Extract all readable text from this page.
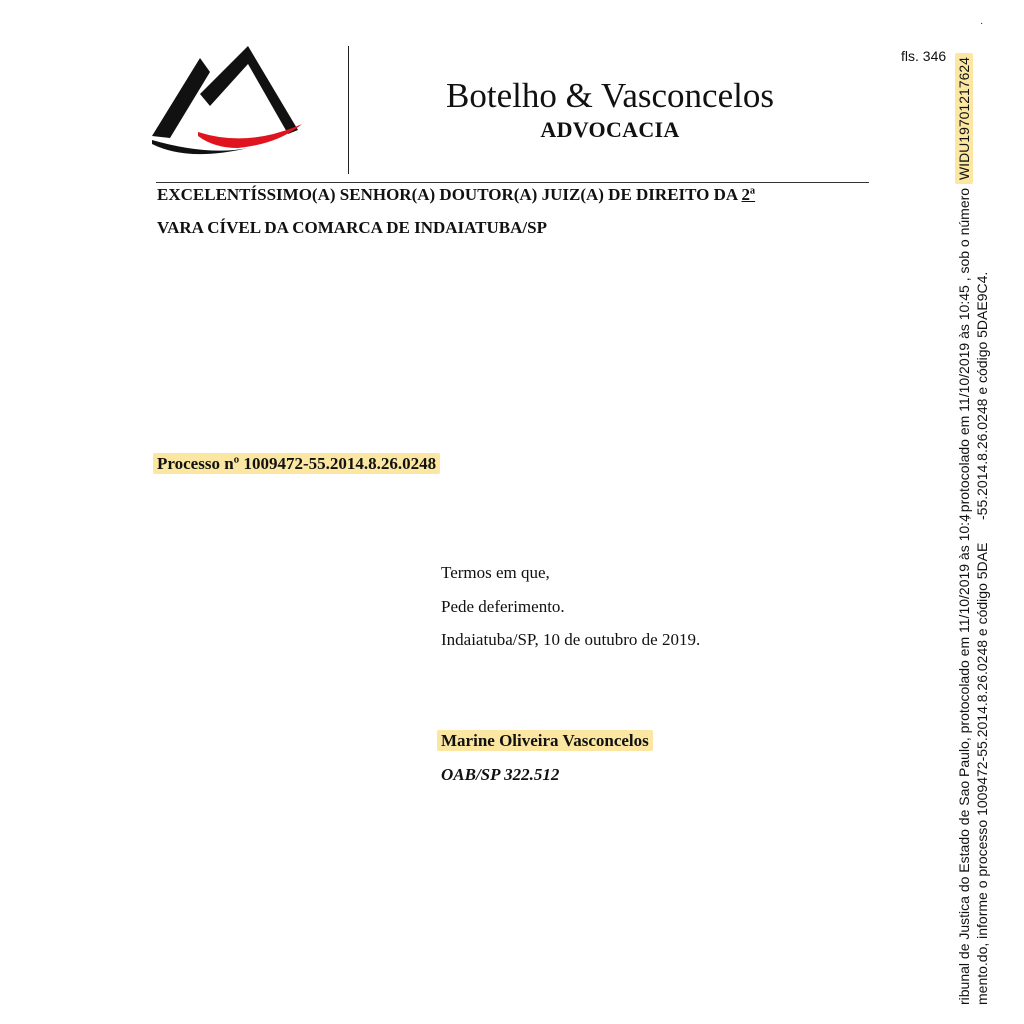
Botelho & Vasconcelos
ADVOCACIA
fls. 346
EXCELENTÍSSIMO(A) SENHOR(A) DOUTOR(A) JUIZ(A) DE DIREITO DA 2ª
VARA CÍVEL DA COMARCA DE INDAIATUBA/SP
Processo nº 1009472-55.2014.8.26.0248
Termos em que,
Pede deferimento.
Indaiatuba/SP, 10 de outubro de 2019.
Marine Oliveira Vasconcelos
OAB/SP 322.512
·
ribunal de Justica do Estado de Sao Paulo, protocolado em 11/10/2019 às 10:4 mento.do, informe o processo 1009472-55.2014.8.26.0248 e código 5DAE
, protocolado em 11/10/2019 às 10:45 , sob o número WIDU19701217624
-55.2014.8.26.0248 e código 5DAE9C4.
